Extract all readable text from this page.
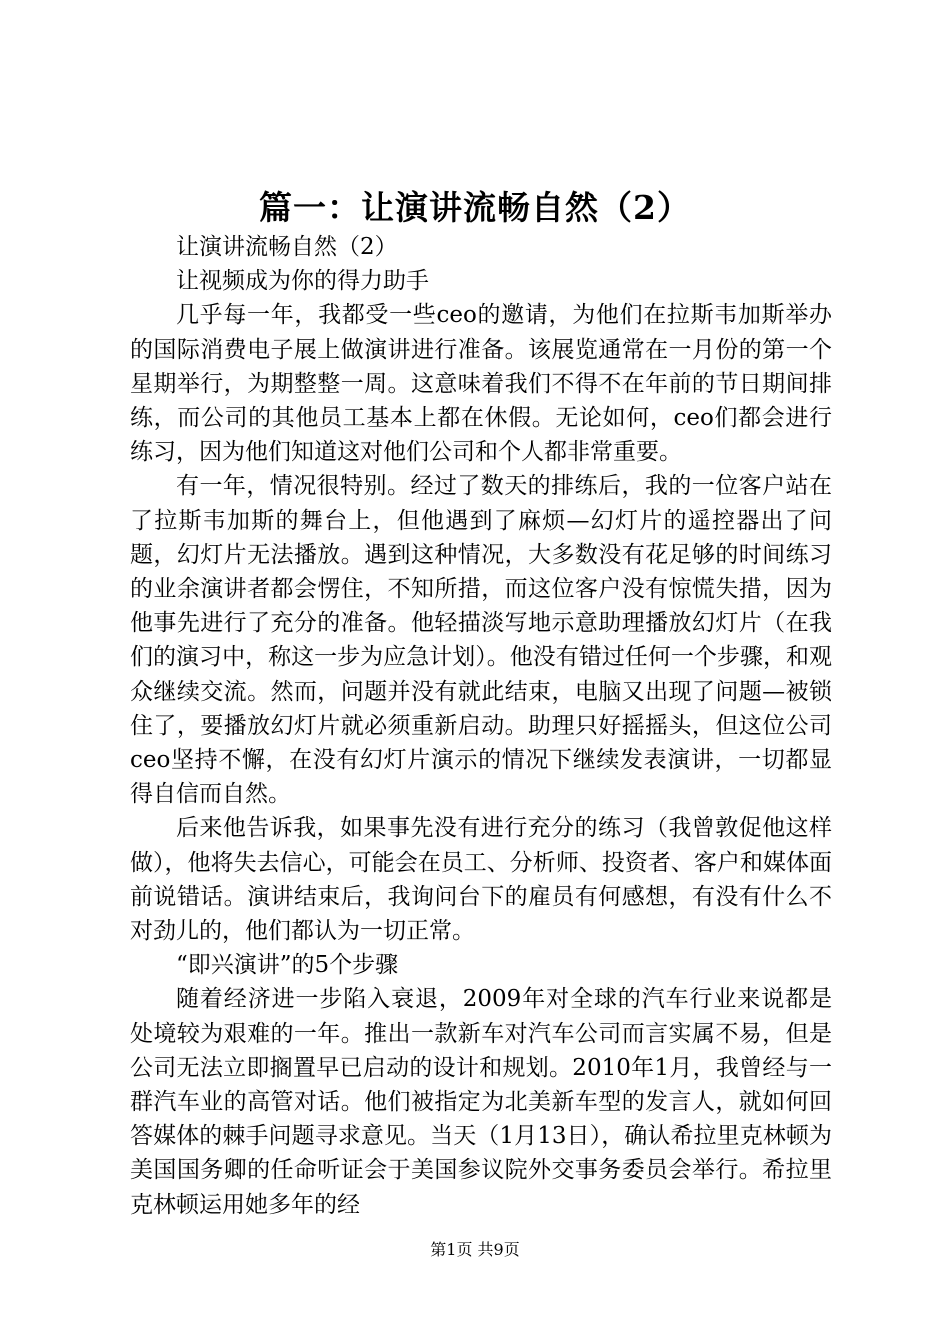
篇一：让演讲流畅自然（2）

让演讲流畅自然（2）

让视频成为你的得力助手

几乎每一年，我都受一些ceo的邀请，为他们在拉斯韦加斯举办的国际消费电子展上做演讲进行准备。该展览通常在一月份的第一个星期举行，为期整整一周。这意味着我们不得不在年前的节日期间排练，而公司的其他员工基本上都在休假。无论如何，ceo们都会进行练习，因为他们知道这对他们公司和个人都非常重要。

有一年，情况很特别。经过了数天的排练后，我的一位客户站在了拉斯韦加斯的舞台上，但他遇到了麻烦—幻灯片的遥控器出了问题，幻灯片无法播放。遇到这种情况，大多数没有花足够的时间练习的业余演讲者都会愣住，不知所措，而这位客户没有惊慌失措，因为他事先进行了充分的准备。他轻描淡写地示意助理播放幻灯片（在我们的演习中，称这一步为应急计划）。他没有错过任何一个步骤，和观众继续交流。然而，问题并没有就此结束，电脑又出现了问题—被锁住了，要播放幻灯片就必须重新启动。助理只好摇摇头，但这位公司ceo坚持不懈，在没有幻灯片演示的情况下继续发表演讲，一切都显得自信而自然。

后来他告诉我，如果事先没有进行充分的练习（我曾敦促他这样做），他将失去信心，可能会在员工、分析师、投资者、客户和媒体面前说错话。演讲结束后，我询问台下的雇员有何感想，有没有什么不对劲儿的，他们都认为一切正常。

“即兴演讲”的5个步骤

随着经济进一步陷入衰退，2009年对全球的汽车行业来说都是处境较为艰难的一年。推出一款新车对汽车公司而言实属不易，但是公司无法立即搁置早已启动的设计和规划。2010年1月，我曾经与一群汽车业的高管对话。他们被指定为北美新车型的发言人，就如何回答媒体的棘手问题寻求意见。当天（1月13日），确认希拉里克林顿为美国国务卿的任命听证会于美国参议院外交事务委员会举行。希拉里克林顿运用她多年的经

第1页 共9页
